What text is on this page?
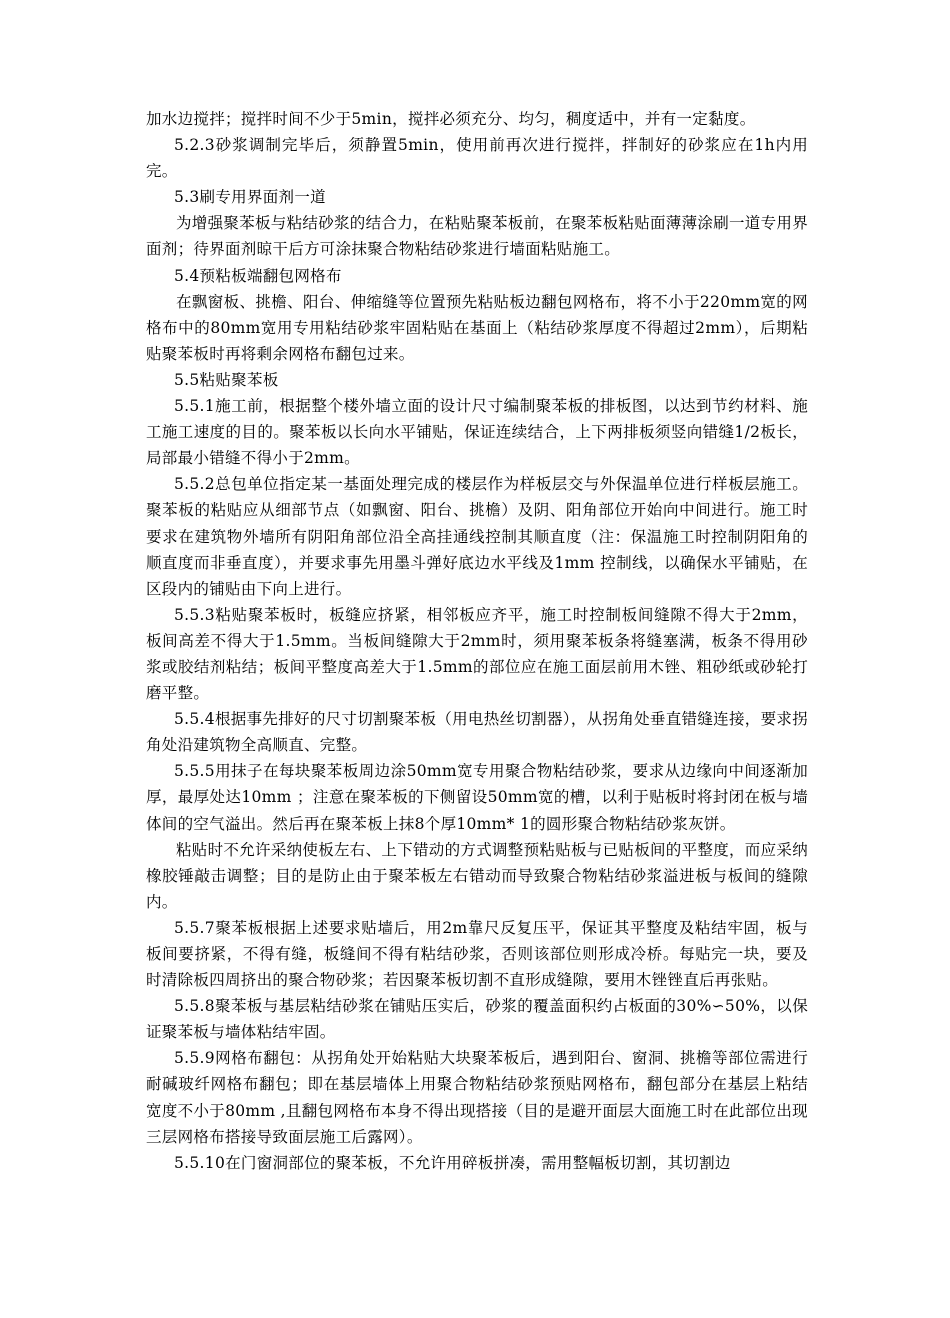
加水边搅拌；搅拌时间不少于5min，搅拌必须充分、均匀，稠度适中，并有一定黏度。

5.2.3砂浆调制完毕后，须静置5min，使用前再次进行搅拌，拌制好的砂浆应在1h内用完。

5.3刷专用界面剂一道

为增强聚苯板与粘结砂浆的结合力，在粘贴聚苯板前，在聚苯板粘贴面薄薄涂刷一道专用界面剂；待界面剂晾干后方可涂抹聚合物粘结砂浆进行墙面粘贴施工。

5.4预粘板端翻包网格布

在飘窗板、挑檐、阳台、伸缩缝等位置预先粘贴板边翻包网格布，将不小于220mm宽的网格布中的80mm宽用专用粘结砂浆牢固粘贴在基面上（粘结砂浆厚度不得超过2mm），后期粘贴聚苯板时再将剩余网格布翻包过来。

5.5粘贴聚苯板

5.5.1施工前，根据整个楼外墙立面的设计尺寸编制聚苯板的排板图，以达到节约材料、施工施工速度的目的。聚苯板以长向水平铺贴，保证连续结合，上下两排板须竖向错缝1/2板长，局部最小错缝不得小于2mm。

5.5.2总包单位指定某一基面处理完成的楼层作为样板层交与外保温单位进行样板层施工。聚苯板的粘贴应从细部节点（如飘窗、阳台、挑檐）及阴、阳角部位开始向中间进行。施工时要求在建筑物外墙所有阴阳角部位沿全高挂通线控制其顺直度（注：保温施工时控制阴阳角的顺直度而非垂直度），并要求事先用墨斗弹好底边水平线及1mm 控制线，以确保水平铺贴，在区段内的铺贴由下向上进行。

5.5.3粘贴聚苯板时，板缝应挤紧，相邻板应齐平，施工时控制板间缝隙不得大于2mm，板间高差不得大于1.5mm。当板间缝隙大于2mm时，须用聚苯板条将缝塞满，板条不得用砂浆或胶结剂粘结；板间平整度高差大于1.5mm的部位应在施工面层前用木锉、粗砂纸或砂轮打磨平整。

5.5.4根据事先排好的尺寸切割聚苯板（用电热丝切割器），从拐角处垂直错缝连接，要求拐角处沿建筑物全高顺直、完整。

5.5.5用抹子在每块聚苯板周边涂50mm宽专用聚合物粘结砂浆，要求从边缘向中间逐渐加厚，最厚处达10mm ；注意在聚苯板的下侧留设50mm宽的槽，以利于贴板时将封闭在板与墙体间的空气溢出。然后再在聚苯板上抹8个厚10mm* 1的圆形聚合物粘结砂浆灰饼。

粘贴时不允许采纳使板左右、上下错动的方式调整预粘贴板与已贴板间的平整度，而应采纳橡胶锤敲击调整；目的是防止由于聚苯板左右错动而导致聚合物粘结砂浆溢进板与板间的缝隙内。

5.5.7聚苯板根据上述要求贴墙后，用2m靠尺反复压平，保证其平整度及粘结牢固，板与板间要挤紧，不得有缝，板缝间不得有粘结砂浆，否则该部位则形成冷桥。每贴完一块，要及时清除板四周挤出的聚合物砂浆；若因聚苯板切割不直形成缝隙，要用木锉锉直后再张贴。

5.5.8聚苯板与基层粘结砂浆在铺贴压实后，砂浆的覆盖面积约占板面的30%∽50%，以保证聚苯板与墙体粘结牢固。

5.5.9网格布翻包：从拐角处开始粘贴大块聚苯板后，遇到阳台、窗洞、挑檐等部位需进行耐碱玻纤网格布翻包；即在基层墙体上用聚合物粘结砂浆预贴网格布，翻包部分在基层上粘结宽度不小于80mm ,且翻包网格布本身不得出现搭接（目的是避开面层大面施工时在此部位出现三层网格布搭接导致面层施工后露网）。

5.5.10在门窗洞部位的聚苯板，不允许用碎板拼凑，需用整幅板切割，其切割边
